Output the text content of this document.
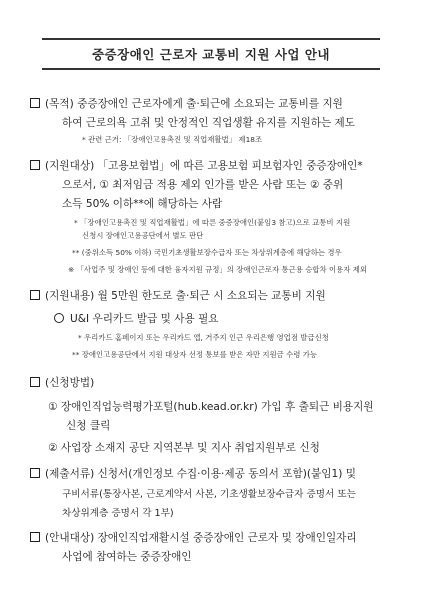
중증장애인 근로자 교통비 지원 사업 안내
(목적) 중증장애인 근로자에게 출·퇴근에 소요되는 교통비를 지원
하여 근로의욕 고취 및 안정적인 직업생활 유지를 지원하는 제도
* 관련 근거: 「장애인고용촉진 및 직업재활법」 제18조
(지원대상) 「고용보험법」에 따른 고용보험 피보험자인 중증장애인*
으로서, ① 최저임금 적용 제외 인가를 받은 사람 또는 ② 중위
소득 50% 이하**에 해당하는 사람
* 「장애인고용촉진 및 직업재활법」에 따른 중증장애인(붙임3 참고)으로 교통비 지원
신청시 장애인고용공단에서 별도 판단
** (중위소득 50% 이하) 국민기초생활보장수급자 또는 차상위계층에 해당하는 경우
※ 「사업주 및 장애인 등에 대한 융자지원 규정」의 장애인근로자 통근용 승합차 이용자 제외
(지원내용) 월 5만원 한도로 출·퇴근 시 소요되는 교통비 지원
U&I 우리카드 발급 및 사용 필요
* 우리카드 홈페이지 또는 우리카드 앱, 거주지 인근 우리은행 영업점 발급신청
** 장애인고용공단에서 지원 대상자 선정 통보를 받은 자만 지원금 수령 가능
(신청방법)
① 장애인직업능력평가포털(hub.kead.or.kr) 가입 후 출퇴근 비용지원
신청 클릭
② 사업장 소재지 공단 지역본부 및 지사 취업지원부로 신청
(제출서류) 신청서(개인정보 수집·이용·제공 동의서 포함)(붙임1) 및
구비서류(통장사본, 근로계약서 사본, 기초생활보장수급자 증명서 또는
차상위계층 증명서 각 1부)
(안내대상) 장애인직업재활시설 중증장애인 근로자 및 장애인일자리
사업에 참여하는 중증장애인
